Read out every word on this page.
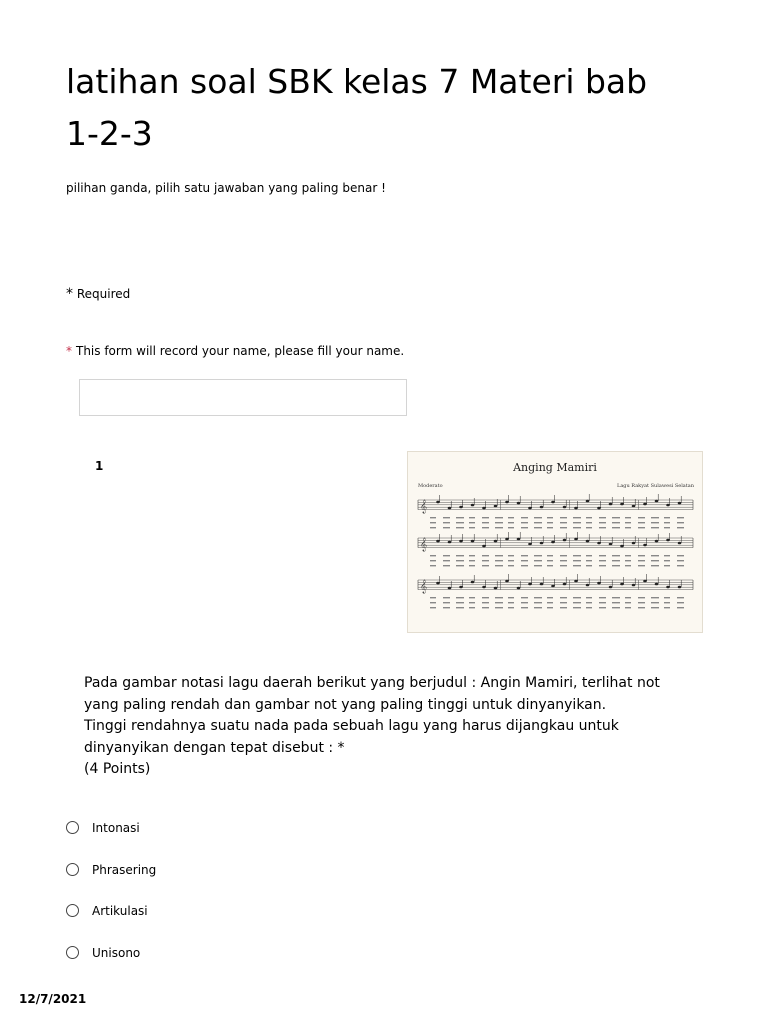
latihan soal SBK kelas 7 Materi bab 1-2-3

pilihan ganda, pilih satu jawaban yang paling benar !

* Required
* This form will record your name, please fill your name.
1	Anging Mamiri
Moderato	Lagu Rakyat Sulawesi Selatan
𝄞
𝄞
𝄞

Pada gambar notasi lagu daerah berikut yang berjudul : Angin Mamiri, terlihat not

yang paling rendah dan gambar not yang paling tinggi untuk dinyanyikan.

Tinggi rendahnya suatu nada pada sebuah lagu yang harus dijangkau untuk

dinyanyikan dengan tepat disebut : *

(4 Points)

Intonasi
Phrasering
Artikulasi
Unisono
12/7/2021
